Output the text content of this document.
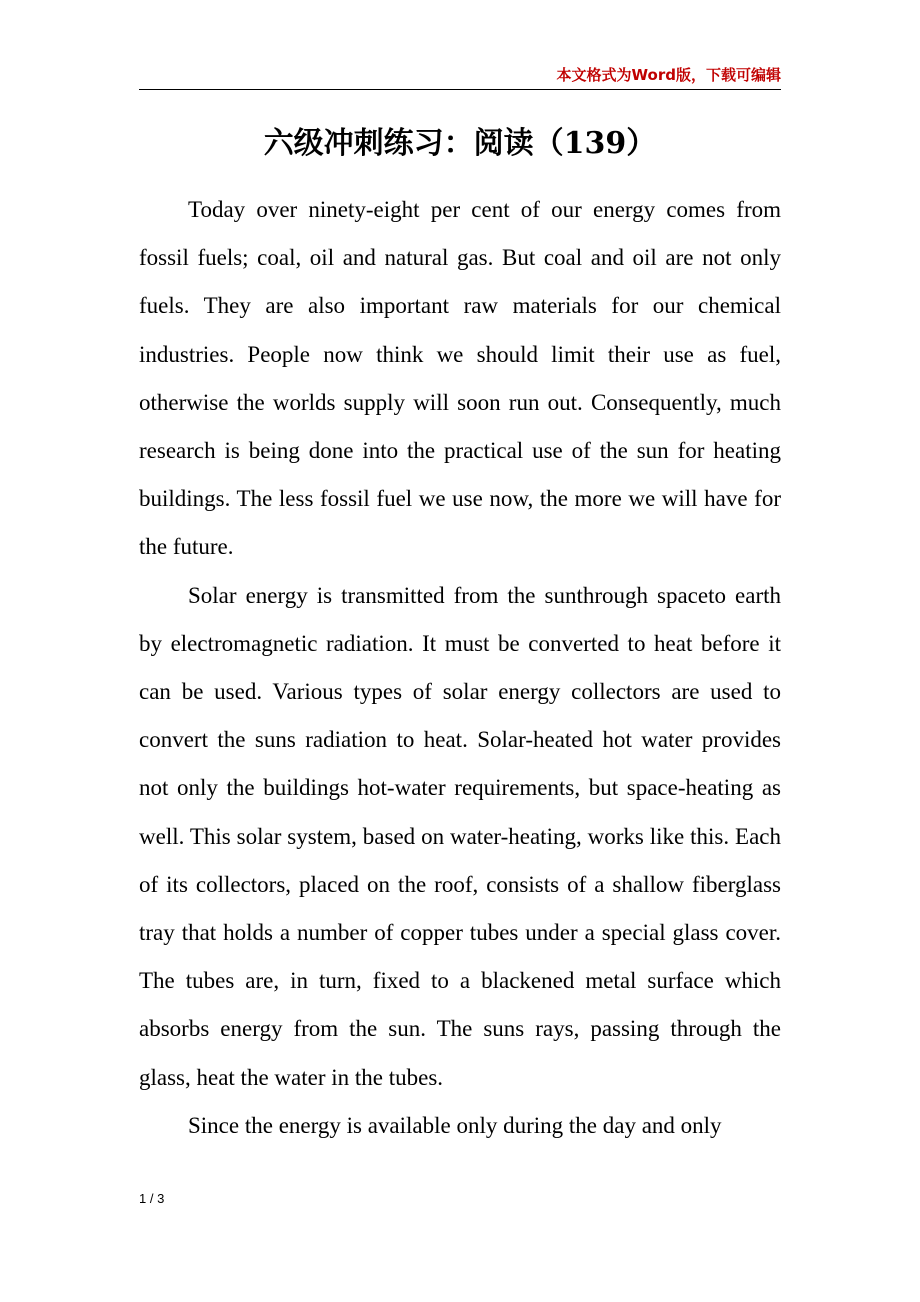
本文格式为Word版，下载可编辑
六级冲刺练习：阅读（139）

Today over ninety-eight per cent of our energy comes from fossil fuels; coal, oil and natural gas. But coal and oil are not only fuels. They are also important raw materials for our chemical industries. People now think we should limit their use as fuel, otherwise the worlds supply will soon run out. Consequently, much research is being done into the practical use of the sun for heating buildings. The less fossil fuel we use now, the more we will have for the future.

Solar energy is transmitted from the sunthrough spaceto earth by electromagnetic radiation. It must be converted to heat before it can be used. Various types of solar energy collectors are used to convert the suns radiation to heat. Solar-heated hot water provides not only the buildings hot-water requirements, but space-heating as well. This solar system, based on water-heating, works like this. Each of its collectors, placed on the roof, consists of a shallow fiberglass tray that holds a number of copper tubes under a special glass cover. The tubes are, in turn, fixed to a blackened metal surface which absorbs energy from the sun. The suns rays, passing through the glass, heat the water in the tubes.

Since the energy is available only during the day and only

1 / 3
